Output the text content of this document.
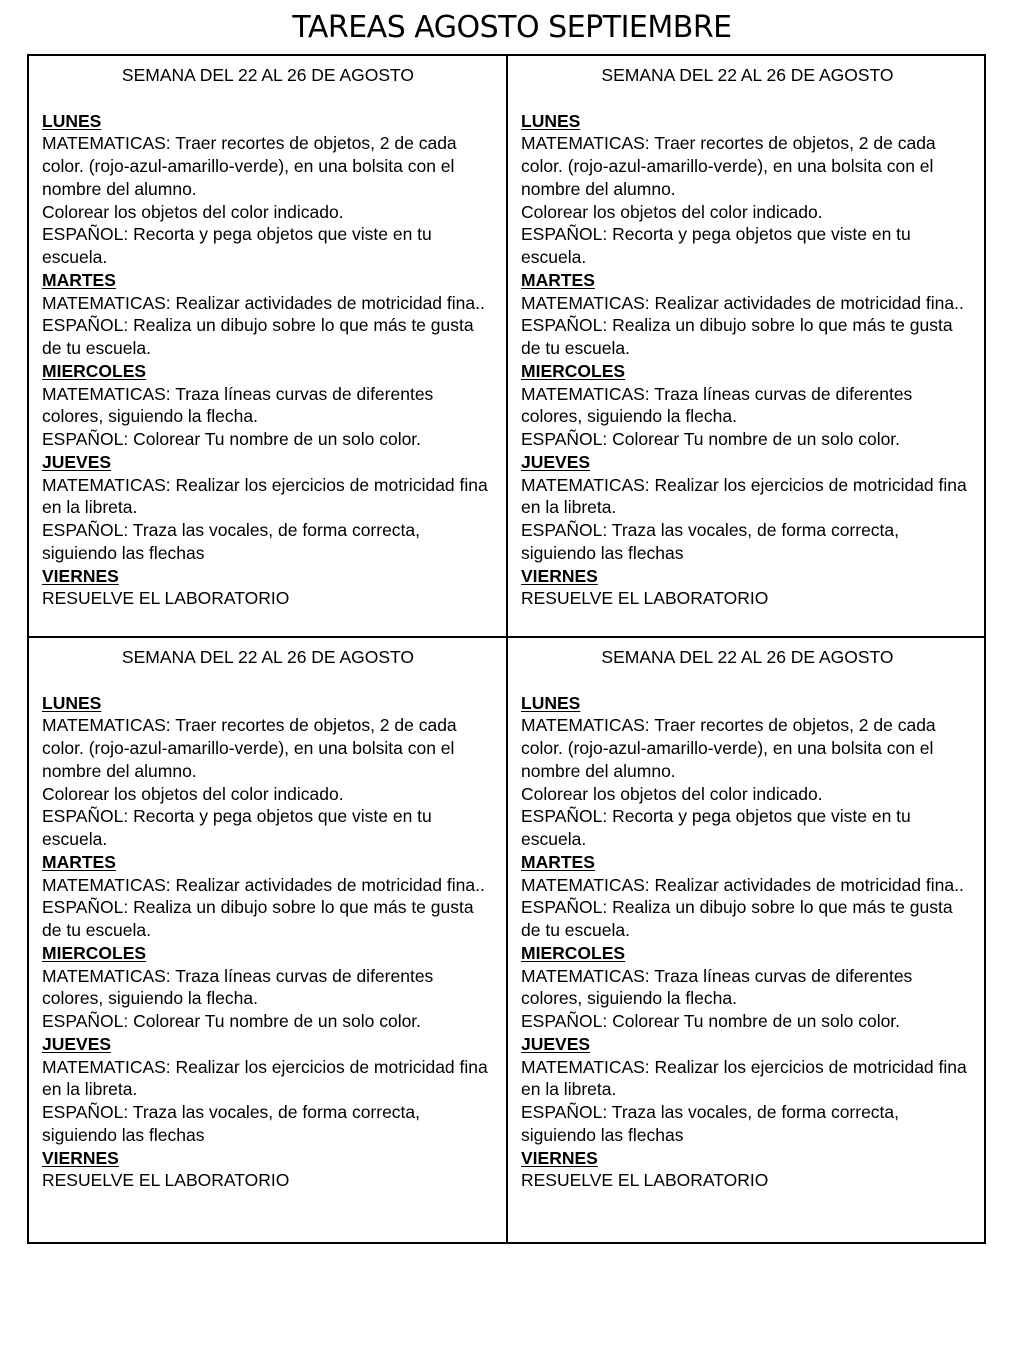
TAREAS AGOSTO SEPTIEMBRE
SEMANA DEL 22 AL 26 DE AGOSTO
LUNES
MATEMATICAS: Traer recortes de objetos, 2 de cada color. (rojo-azul-amarillo-verde), en una bolsita con el nombre del alumno.
Colorear los objetos del color indicado.
ESPAÑOL: Recorta y pega objetos que viste en tu escuela.
MARTES
MATEMATICAS: Realizar actividades de motricidad fina..
ESPAÑOL: Realiza un dibujo sobre lo que más te gusta de tu escuela.
MIERCOLES
MATEMATICAS: Traza líneas curvas de diferentes colores, siguiendo la flecha.
ESPAÑOL: Colorear Tu nombre de un solo color.
JUEVES
MATEMATICAS: Realizar los ejercicios de motricidad fina en la libreta.
ESPAÑOL: Traza las vocales, de forma correcta, siguiendo las flechas
VIERNES
RESUELVE EL LABORATORIO
SEMANA DEL 22 AL 26 DE AGOSTO
LUNES
MATEMATICAS: Traer recortes de objetos, 2 de cada color. (rojo-azul-amarillo-verde), en una bolsita con el nombre del alumno.
Colorear los objetos del color indicado.
ESPAÑOL: Recorta y pega objetos que viste en tu escuela.
MARTES
MATEMATICAS: Realizar actividades de motricidad fina..
ESPAÑOL: Realiza un dibujo sobre lo que más te gusta de tu escuela.
MIERCOLES
MATEMATICAS: Traza líneas curvas de diferentes colores, siguiendo la flecha.
ESPAÑOL: Colorear Tu nombre de un solo color.
JUEVES
MATEMATICAS: Realizar los ejercicios de motricidad fina en la libreta.
ESPAÑOL: Traza las vocales, de forma correcta, siguiendo las flechas
VIERNES
RESUELVE EL LABORATORIO
SEMANA DEL 22 AL 26 DE AGOSTO
LUNES
MATEMATICAS: Traer recortes de objetos, 2 de cada color. (rojo-azul-amarillo-verde), en una bolsita con el nombre del alumno.
Colorear los objetos del color indicado.
ESPAÑOL: Recorta y pega objetos que viste en tu escuela.
MARTES
MATEMATICAS: Realizar actividades de motricidad fina..
ESPAÑOL: Realiza un dibujo sobre lo que más te gusta de tu escuela.
MIERCOLES
MATEMATICAS: Traza líneas curvas de diferentes colores, siguiendo la flecha.
ESPAÑOL: Colorear Tu nombre de un solo color.
JUEVES
MATEMATICAS: Realizar los ejercicios de motricidad fina en la libreta.
ESPAÑOL: Traza las vocales, de forma correcta, siguiendo las flechas
VIERNES
RESUELVE EL LABORATORIO
SEMANA DEL 22 AL 26 DE AGOSTO
LUNES
MATEMATICAS: Traer recortes de objetos, 2 de cada color. (rojo-azul-amarillo-verde), en una bolsita con el nombre del alumno.
Colorear los objetos del color indicado.
ESPAÑOL: Recorta y pega objetos que viste en tu escuela.
MARTES
MATEMATICAS: Realizar actividades de motricidad fina..
ESPAÑOL: Realiza un dibujo sobre lo que más te gusta de tu escuela.
MIERCOLES
MATEMATICAS: Traza líneas curvas de diferentes colores, siguiendo la flecha.
ESPAÑOL: Colorear Tu nombre de un solo color.
JUEVES
MATEMATICAS: Realizar los ejercicios de motricidad fina en la libreta.
ESPAÑOL: Traza las vocales, de forma correcta, siguiendo las flechas
VIERNES
RESUELVE EL LABORATORIO
